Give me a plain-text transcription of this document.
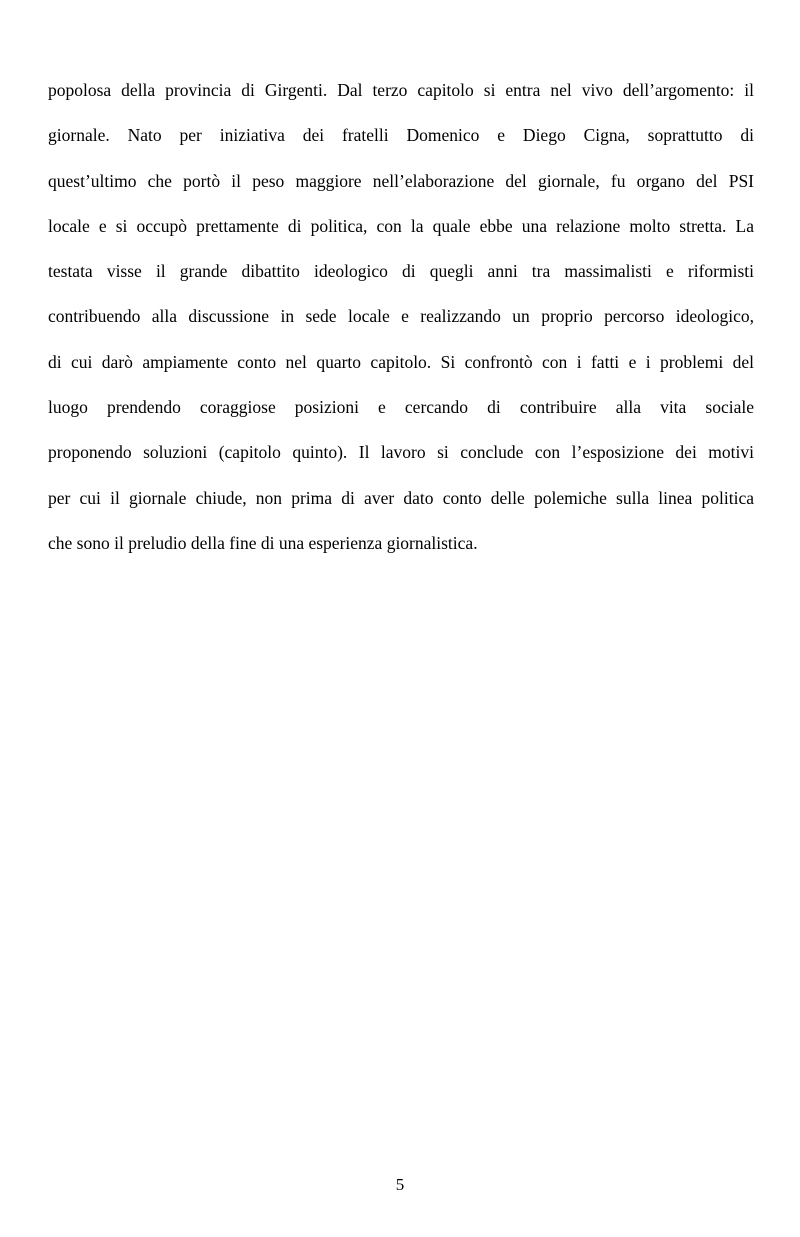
popolosa della provincia di Girgenti. Dal terzo capitolo si entra nel vivo dell’argomento: il
giornale. Nato per iniziativa dei fratelli Domenico e Diego Cigna, soprattutto di
quest’ultimo che portò il peso maggiore nell’elaborazione del giornale, fu organo del PSI
locale e si occupò prettamente di politica, con la quale ebbe una relazione molto stretta. La
testata visse il grande dibattito ideologico di quegli anni tra massimalisti e riformisti
contribuendo alla discussione in sede locale e realizzando un proprio percorso ideologico,
di cui darò ampiamente conto nel quarto capitolo. Si confrontò con i fatti e i problemi del
luogo prendendo coraggiose posizioni e cercando di contribuire alla vita sociale
proponendo soluzioni (capitolo quinto). Il lavoro si conclude con l’esposizione dei motivi
per cui il giornale chiude, non prima di aver dato conto delle polemiche sulla linea politica
che sono il preludio della fine di una esperienza giornalistica.
5
